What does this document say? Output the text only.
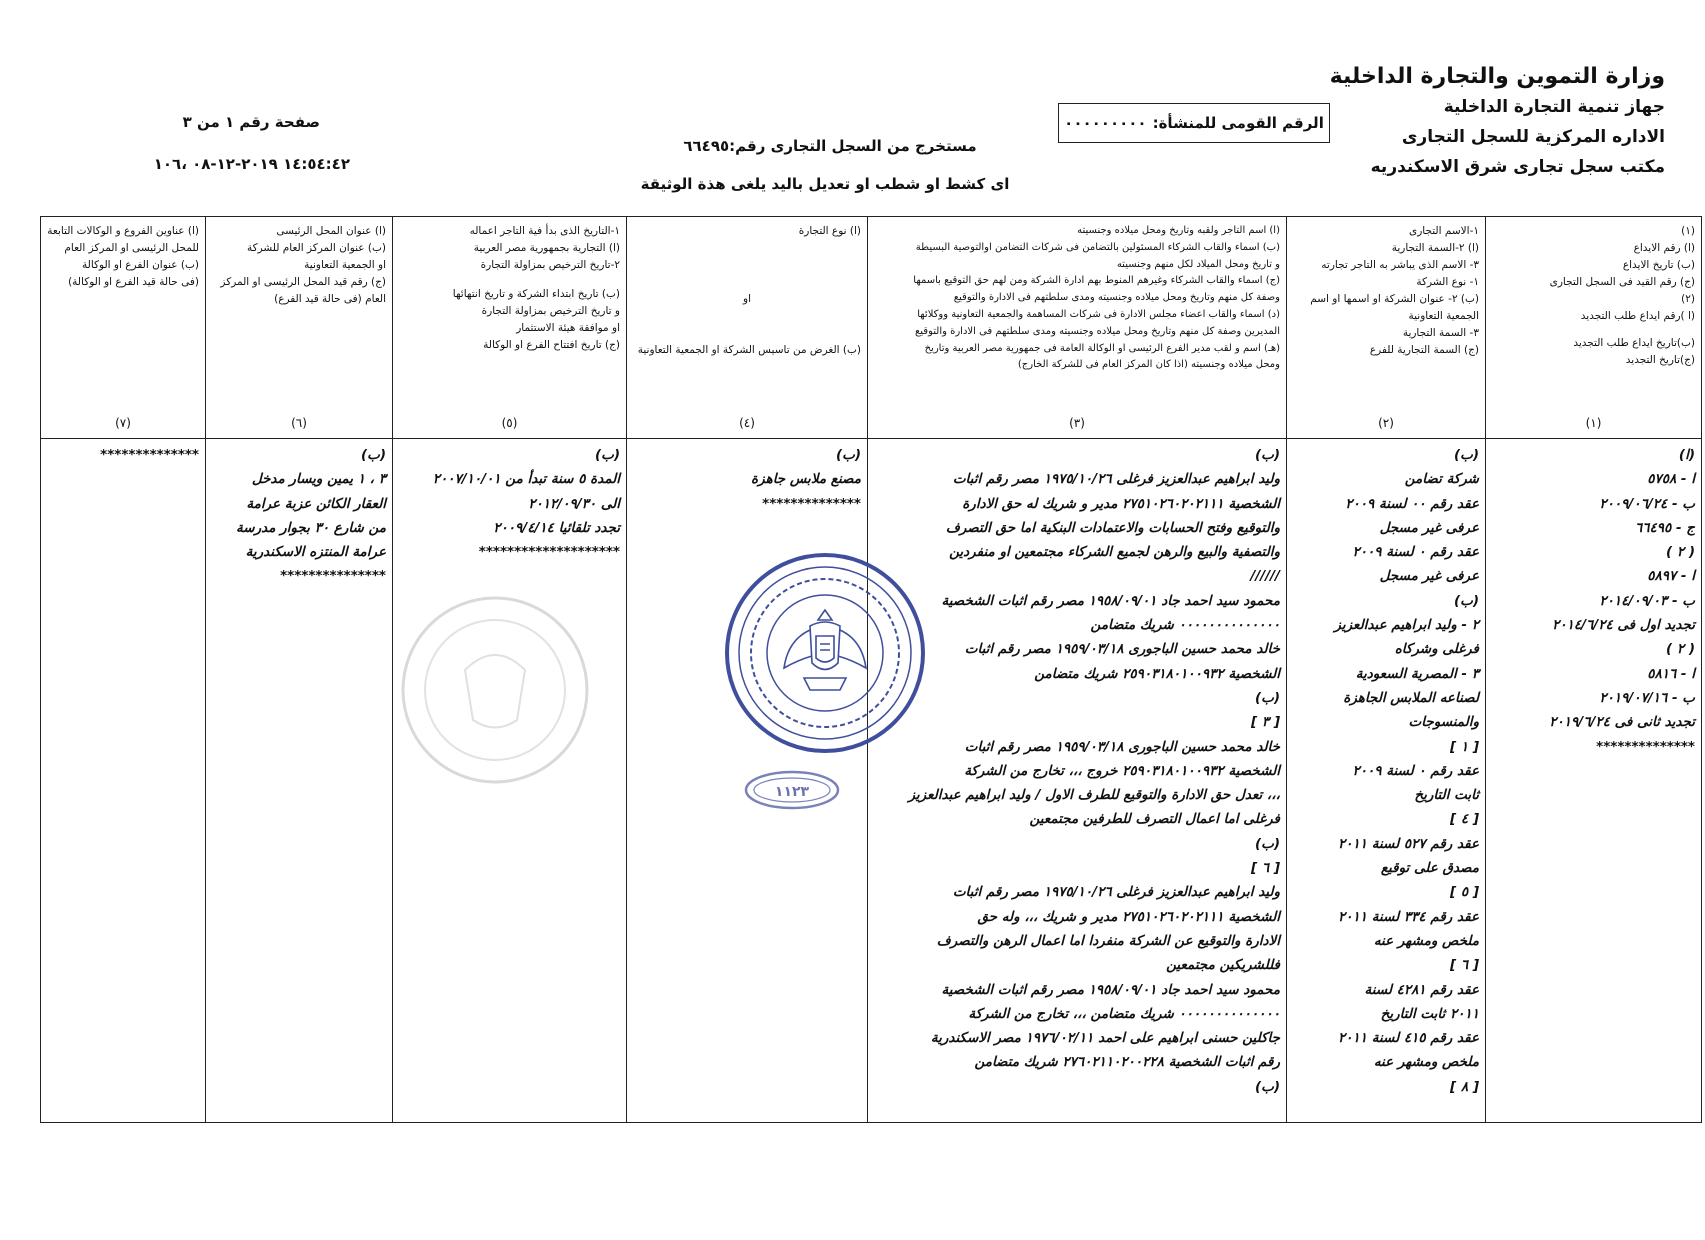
وزارة التموين والتجارة الداخلية
جهاز تنمية التجارة الداخلية
الاداره المركزية للسجل التجارى
مكتب سجل تجارى شرق الاسكندريه
الرقم القومى للمنشأة:
٠٠٠٠٠٠٠٠٠
مستخرج من السجل التجارى رقم:٦٦٤٩٥
اى كشط او شطب او تعديل باليد يلغى هذة الوثيقة
صفحة رقم ١ من ٣
١٤:٥٤:٤٢ ٢٠١٩-١٢-٠٨ ،١٠٦
(١)
(ا) رقم الايداع
(ب) تاريخ الايداع
(ج) رقم القيد فى السجل التجارى
(٢)
(ا )رقم ايداع طلب التجديد
(ب)تاريخ ايداع طلب التجديد
(ج)تاريخ التجديد
(١)
(ا)
ا - ٥٧٥٨
ب - ٢٠٠٩/٠٦/٢٤
ج - ٦٦٤٩٥
( ٢ )
ا - ٥٨٩٧
ب - ٢٠١٤/٠٩/٠٣
تجديد اول فى ٢٠١٤/٦/٢٤
( ٢ )
ا - ٥٨١٦
ب - ٢٠١٩/٠٧/١٦
تجديد ثانى فى ٢٠١٩/٦/٢٤
**************
١-الاسم التجارى
(ا) ٢-السمة التجارية
٣- الاسم الذى يباشر به التاجر تجارته
١- نوع الشركة
(ب) ٢- عنوان الشركة او اسمها او اسم
الجمعية التعاونية
٣- السمة التجارية
(ج) السمة التجارية للفرع
(٢)
(ب)
شركة تضامن
عقد رقم ٠٠ لسنة ٢٠٠٩
عرفى غير مسجل
عقد رقم ٠ لسنة ٢٠٠٩
عرفى غير مسجل
(ب)
٢ - وليد ابراهيم عبدالعزيز
فرغلى وشركاه
٣ - المصرية السعودية
لصناعه الملابس الجاهزة
والمنسوجات
[ ١ ]
عقد رقم ٠ لسنة ٢٠٠٩
ثابت التاريخ
[ ٤ ]
عقد رقم ٥٢٧ لسنة ٢٠١١
مصدق على توقيع
[ ٥ ]
عقد رقم ٣٣٤ لسنة ٢٠١١
ملخص ومشهر عنه
[ ٦ ]
عقد رقم ٤٢٨١ لسنة
٢٠١١ ثابت التاريخ
عقد رقم ٤١٥ لسنة ٢٠١١
ملخص ومشهر عنه
[ ٨ ]
(ا) اسم التاجر ولقبه وتاريخ ومحل ميلاده وجنسيته
(ب) اسماء والقاب الشركاء المسئولين بالتضامن فى شركات التضامن اوالتوصية البسيطة
و تاريخ ومحل الميلاد لكل منهم وجنسيته
(ج) اسماء والقاب الشركاء وغيرهم المنوط بهم ادارة الشركة ومن لهم حق التوقيع باسمها
وصفة كل منهم وتاريخ ومحل ميلاده وجنسيته ومدى سلطتهم فى الادارة والتوقيع
(د) اسماء والقاب اعضاء مجلس الادارة فى شركات المساهمة والجمعية التعاونية ووكلائها
المديرين وصفة كل منهم وتاريخ ومحل ميلاده وجنسيته ومدى سلطتهم فى الادارة والتوقيع
(هـ) اسم و لقب مدير الفرع الرئيسى او الوكالة العامة فى جمهورية مصر العربية وتاريخ
ومحل ميلاده وجنسيته (اذا كان المركز العام فى للشركة الخارج)
(٣)
(ب)
وليد ابراهيم عبدالعزيز فرغلى ١٩٧٥/١٠/٢٦ مصر رقم اثبات
الشخصية ٢٧٥١٠٢٦٠٢٠٢١١١ مدير و شريك له حق الادارة
والتوقيع وفتح الحسابات والاعتمادات البنكية اما حق التصرف
والتصفية والبيع والرهن لجميع الشركاء مجتمعين او منفردين
//////
محمود سيد احمد جاد ١٩٥٨/٠٩/٠١ مصر رقم اثبات الشخصية
٠٠٠٠٠٠٠٠٠٠٠٠٠٠ شريك متضامن
خالد محمد حسين الباجورى ١٩٥٩/٠٣/١٨ مصر رقم اثبات
الشخصية ٢٥٩٠٣١٨٠١٠٠٩٣٢ شريك متضامن
(ب)
[ ٣ ]
خالد محمد حسين الباجورى ١٩٥٩/٠٣/١٨ مصر رقم اثبات
الشخصية ٢٥٩٠٣١٨٠١٠٠٩٣٢ خروج ،،، تخارج من الشركة
،،، تعدل حق الادارة والتوقيع للطرف الاول / وليد ابراهيم عبدالعزيز
فرغلى اما اعمال التصرف للطرفين مجتمعين
(ب)
[ ٦ ]
وليد ابراهيم عبدالعزيز فرغلى ١٩٧٥/١٠/٢٦ مصر رقم اثبات
الشخصية ٢٧٥١٠٢٦٠٢٠٢١١١ مدير و شريك ،،، وله حق
الادارة والتوقيع عن الشركة منفردا اما اعمال الرهن والتصرف
فللشريكين مجتمعين
محمود سيد احمد جاد ١٩٥٨/٠٩/٠١ مصر رقم اثبات الشخصية
٠٠٠٠٠٠٠٠٠٠٠٠٠٠ شريك متضامن ،،، تخارج من الشركة
جاكلين حسنى ابراهيم على احمد ١٩٧٦/٠٢/١١ مصر الاسكندرية
رقم اثبات الشخصية ٢٧٦٠٢١١٠٢٠٠٢٢٨ شريك متضامن
(ب)
(ا) نوع التجارة
او
(ب) الغرض من تاسيس الشركة او الجمعية التعاونية
(٤)
(ب)
مصنع ملابس جاهزة
**************
١-التاريخ الذى بدأ فية التاجر اعماله
(ا) التجارية بجمهورية مصر العربية
٢-تاريخ الترخيص بمزاولة التجارة
(ب) تاريخ ابتداء الشركة و تاريخ انتهائها
و تاريخ الترخيص بمزاولة التجارة
او موافقة هيئة الاستثمار
(ج) تاريخ افتتاح الفرع او الوكالة
(٥)
(ب)
المدة ٥ سنة تبدأ من ٢٠٠٧/١٠/٠١
الى ٢٠١٢/٠٩/٣٠
تجدد تلقائيا ٢٠٠٩/٤/١٤
********************
(ا) عنوان المحل الرئيسى
(ب) عنوان المركز العام للشركة
او الجمعية التعاونية
(ج) رقم قيد المحل الرئيسى او المركز
العام (فى حالة قيد الفرع)
(٦)
(ب)
٣ ، ١ يمين ويسار مدخل
العقار الكائن عزبة عرامة
من شارع ٣٠ بجوار مدرسة
عرامة المنتزه الاسكندرية
***************
(ا) عناوين الفروع و الوكالات التابعة
للمحل الرئيسى او المركز العام
(ب) عنوان الفرع او الوكالة
(فى حالة قيد الفرع او الوكالة)
(٧)
**************
١١٢٣
